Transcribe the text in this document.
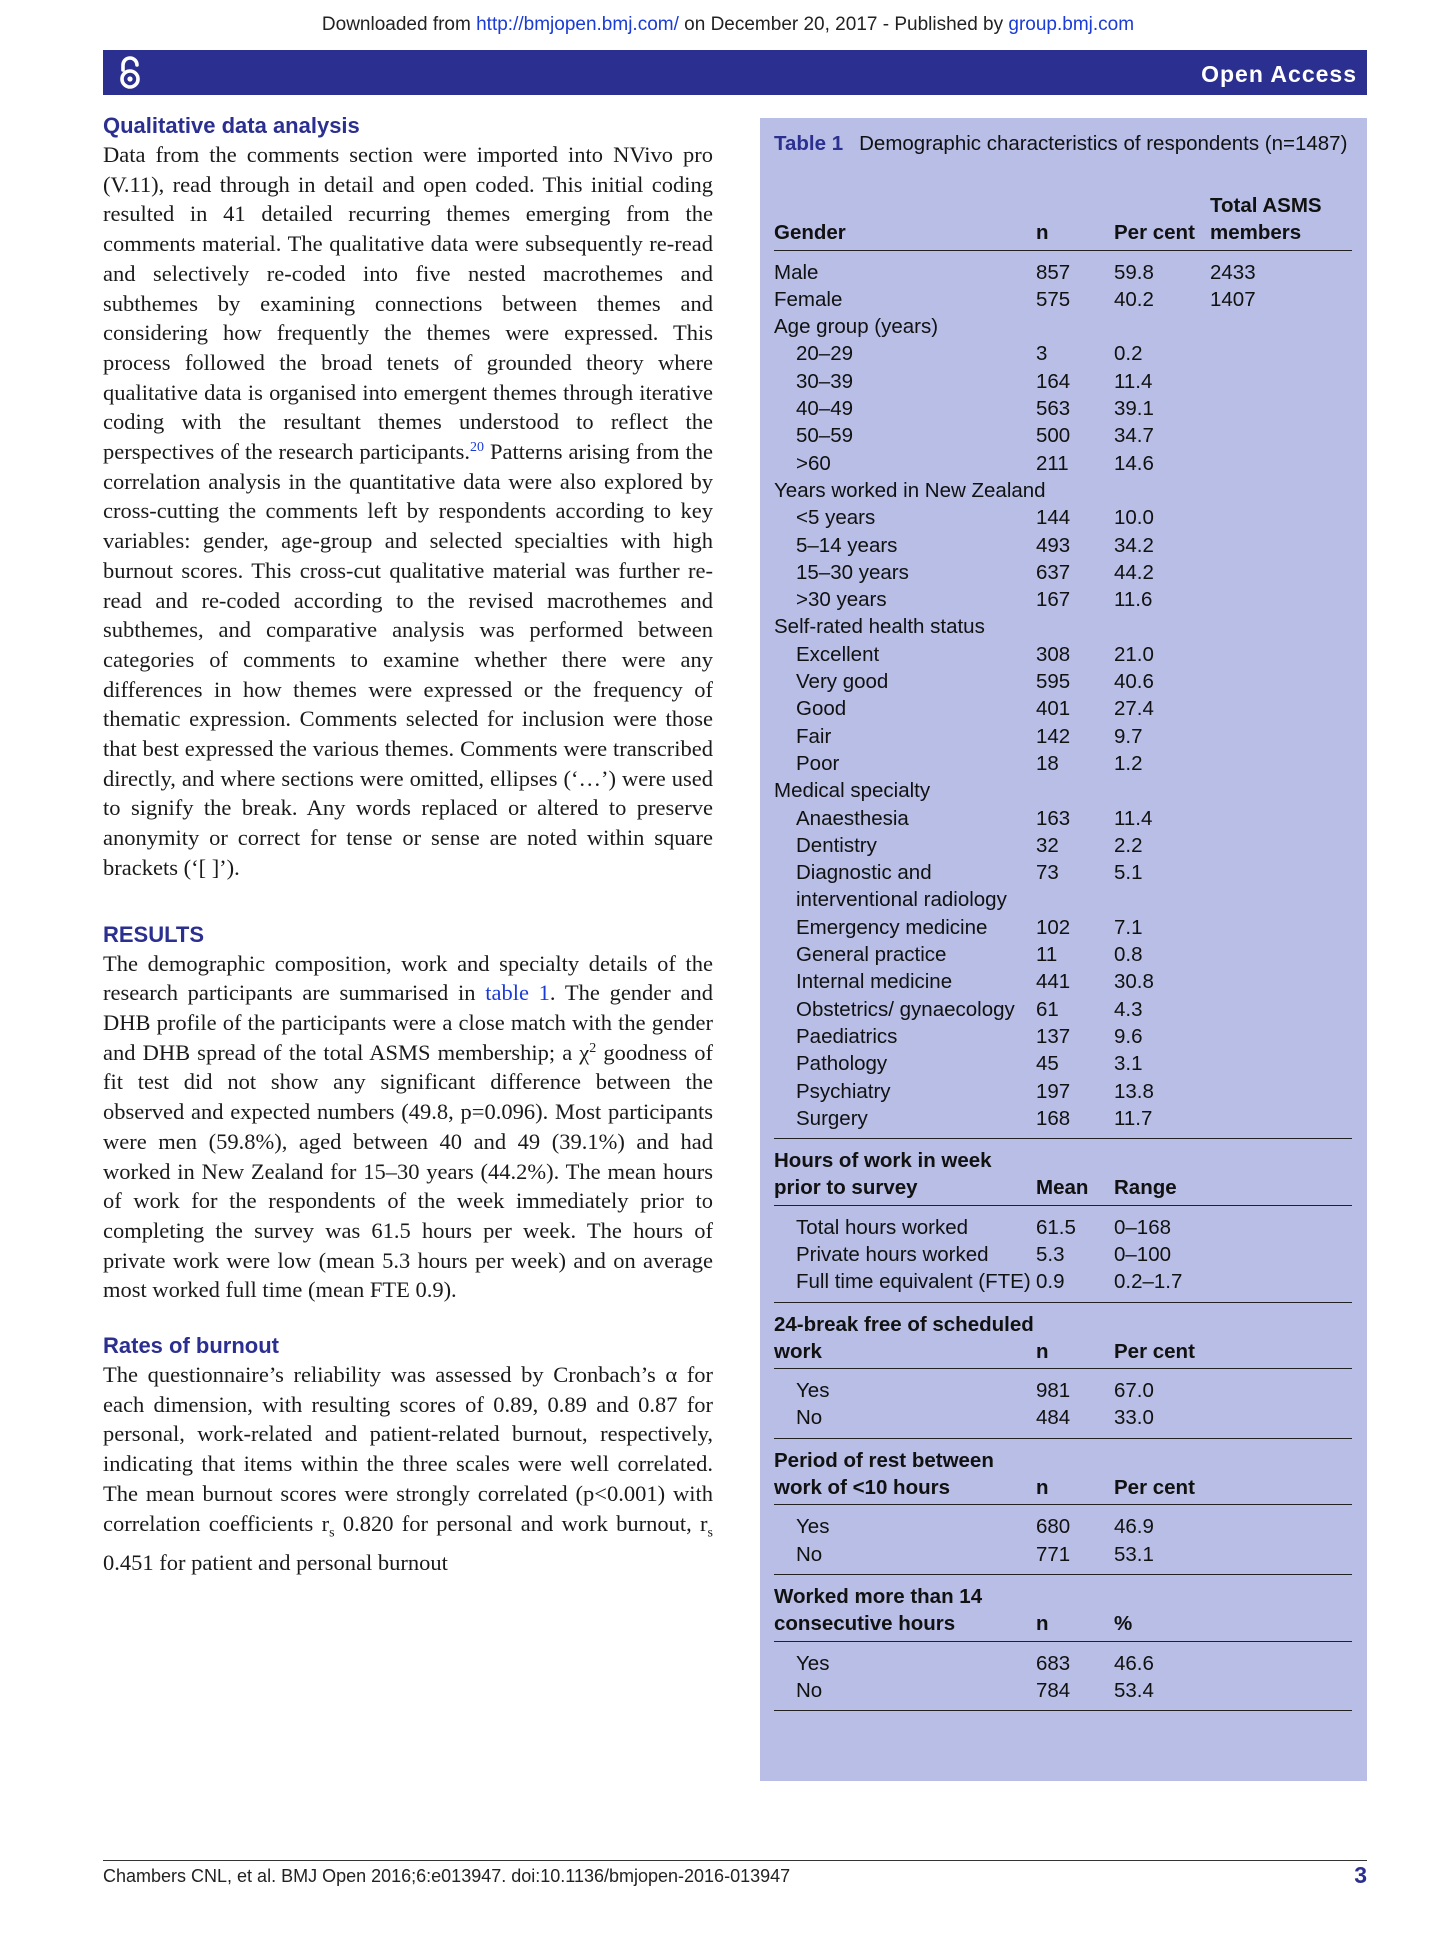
Downloaded from http://bmjopen.bmj.com/ on December 20, 2017 - Published by group.bmj.com
Open Access
Qualitative data analysis

Data from the comments section were imported into NVivo pro (V.11), read through in detail and open coded. This initial coding resulted in 41 detailed recurring themes emerging from the comments material. The qualitative data were subsequently re-read and selectively re-coded into five nested macrothemes and subthemes by examining connections between themes and considering how frequently the themes were expressed. This process followed the broad tenets of grounded theory where qualitative data is organised into emergent themes through iterative coding with the resultant themes understood to reflect the perspectives of the research participants.$^{20}$ Patterns arising from the correlation analysis in the quantitative data were also explored by cross-cutting the comments left by respondents according to key variables: gender, age-group and selected specialties with high burnout scores. This cross-cut qualitative material was further re-read and re-coded according to the revised macrothemes and subthemes, and comparative analysis was performed between categories of comments to examine whether there were any differences in how themes were expressed or the frequency of thematic expression. Comments selected for inclusion were those that best expressed the various themes. Comments were transcribed directly, and where sections were omitted, ellipses (‘…’) were used to signify the break. Any words replaced or altered to preserve anonymity or correct for tense or sense are noted within square brackets (‘[ ]’).

RESULTS

The demographic composition, work and specialty details of the research participants are summarised in table 1. The gender and DHB profile of the participants were a close match with the gender and DHB spread of the total ASMS membership; a $\chi^2$ goodness of fit test did not show any significant difference between the observed and expected numbers (49.8, p=0.096). Most participants were men (59.8%), aged between 40 and 49 (39.1%) and had worked in New Zealand for 15–30 years (44.2%). The mean hours of work for the respondents of the week immediately prior to completing the survey was 61.5 hours per week. The hours of private work were low (mean 5.3 hours per week) and on average most worked full time (mean FTE 0.9).

Rates of burnout

The questionnaire’s reliability was assessed by Cronbach’s α for each dimension, with resulting scores of 0.89, 0.89 and 0.87 for personal, work-related and patient-related burnout, respectively, indicating that items within the three scales were well correlated. The mean burnout scores were strongly correlated (p<0.001) with correlation coefficients $r_s$ 0.820 for personal and work burnout, $r_s$ 0.451 for patient and personal burnout

Table 1 Demographic characteristics of respondents (n=1487)
Gender	n	Per cent	Total ASMS members
Male	857	59.8	2433
Female	575	40.2	1407
Age group (years)			
20–29	3	0.2	
30–39	164	11.4	
40–49	563	39.1	
50–59	500	34.7	
>60	211	14.6	
Years worked in New Zealand			
<5 years	144	10.0	
5–14 years	493	34.2	
15–30 years	637	44.2	
>30 years	167	11.6	
Self-rated health status			
Excellent	308	21.0	
Very good	595	40.6	
Good	401	27.4	
Fair	142	9.7	
Poor	18	1.2	
Medical specialty			
Anaesthesia	163	11.4	
Dentistry	32	2.2	
Diagnostic and interventional radiology	73	5.1	
Emergency medicine	102	7.1	
General practice	11	0.8	
Internal medicine	441	30.8	
Obstetrics/ gynaecology	61	4.3	
Paediatrics	137	9.6	
Pathology	45	3.1	
Psychiatry	197	13.8	
Surgery	168	11.7	
Hours of work in week prior to survey	Mean	Range	
Total hours worked	61.5	0–168	
Private hours worked	5.3	0–100	
Full time equivalent (FTE)	0.9	0.2–1.7	
24-break free of scheduled work	n	Per cent	
Yes	981	67.0	
No	484	33.0	
Period of rest between work of <10 hours	n	Per cent	
Yes	680	46.9	
No	771	53.1	
Worked more than 14 consecutive hours	n	%	
Yes	683	46.6	
No	784	53.4	
Chambers CNL, et al. BMJ Open 2016;6:e013947. doi:10.1136/bmjopen-2016-013947	3
